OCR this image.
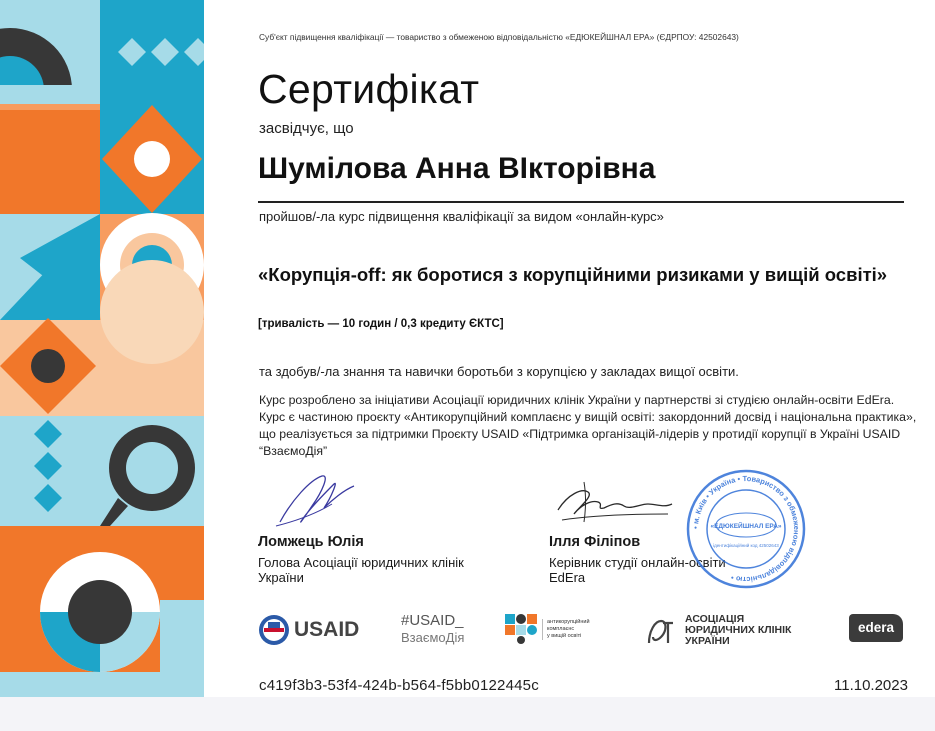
Суб'єкт підвищення кваліфікації — товариство з обмеженою відповідальністю «ЕДЮКЕЙШНАЛ ЕРА» (ЄДРПОУ: 42502643)
Сертифікат
засвідчує, що
Шумілова Анна ВІкторівна
пройшов/-ла курс підвищення кваліфікації за видом «онлайн-курс»
«Корупція-off: як боротися з корупційними ризиками у вищій освіті»
[тривалість — 10 годин / 0,3 кредиту ЄКТС]
та здобув/-ла знання та навички боротьби з корупцією у закладах вищої освіти.
Курс розроблено за ініціативи Асоціації юридичних клінік України у партнерстві зі студією онлайн-освіти EdEra. Курс є частиною проєкту «Антикорупційний комплаєнс у вищій освіті: закордонний досвід і національна практика», що реалізується за підтримки Проєкту USAID «Підтримка організацій-лідерів у протидії корупції в Україні USAID “ВзаємоДія”
Ломжець Юлія
Голова Асоціації юридичних клінік України
Ілля Філіпов
Керівник студії онлайн-освіти EdEra
• м. Київ • Україна • Товариство з обмеженою відповідальністю •
«ЕДЮКЕЙШНАЛ ЕРА»
ідентифікаційний код 42502643
USAID	#USAID_
ВзаємоДія
антикорупційний
комплаєнс
у вищій освіті
АСОЦІАЦІЯ
ЮРИДИЧНИХ КЛІНІК
УКРАЇНИ
edera
c419f3b3-53f4-424b-b564-f5bb0122445c	11.10.2023
